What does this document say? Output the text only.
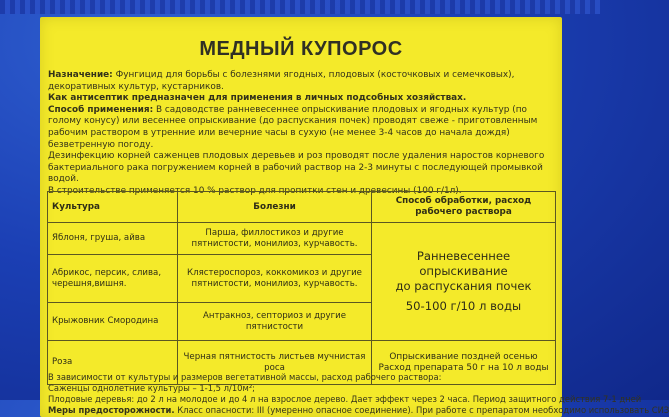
МЕДНЫЙ КУПОРОС

Назначение: Фунгицид для борьбы с болезнями ягодных, плодовых (косточковых и семечковых), декоративных культур, кустарников.

Как антисептик предназначен для применения в личных подсобных хозяйствах.

Способ применения: В садоводстве ранневесеннее опрыскивание плодовых и ягодных культур (по голому конусу) или весеннее опрыскивание (до распускания почек) проводят свеже - приготовленным рабочим раствором в утренние или вечерние часы в сухую (не менее 3-4 часов до начала дождя) безветренную погоду.

Дезинфекцию корней саженцев плодовых деревьев и роз проводят после удаления наростов корневого бактериального рака погружением корней в рабочий раствор на 2-3 минуты с последующей промывкой водой.

В строительстве применяется 10 % раствор для пропитки стен и древесины (100 г/1л).

Культура	Болезни	Способ обработки, расход рабочего раствора
Яблоня, груша, айва	Парша, филлостикоз и другие пятнистости, монилиоз, курчавость.	Ранневесеннее опрыскивание
до распускания почек
50-100 г/10 л воды

Абрикос, персик, слива, черешня,вишня.	Клястероспороз, коккомикоз и другие пятнистости, монилиоз, курчавость.	
Крыжовник Смородина	Антракноз, септориоз и другие пятнистости	
Роза	Черная пятнистость листьев мучнистая роса	Опрыскивание поздней осенью
Расход препарата 50 г на 10 л воды

В зависимости от культуры и размеров вегетативной массы, расход рабочего раствора:

Саженцы однолетние культуры – 1-1,5 л/10м²;

Плодовые деревья: до 2 л на молодое и до 4 л на взрослое дерево. Дает эффект через 2 часа. Период защитного действия 7-1 дней

Меры предосторожности. Класс опасности: III (умеренно опасное соединение). При работе с препаратом необходимо использовать СИЗ
